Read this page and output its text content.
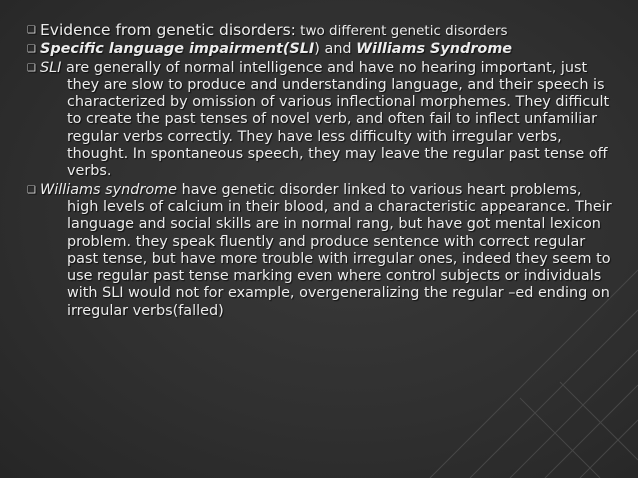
❑ Evidence from genetic disorders: two different genetic disorders
❑ Specific language impairment(SLI) and Williams Syndrome
❑ SLI are generally of normal intelligence and have no hearing important, just they are slow to produce and understanding language, and their speech is characterized by omission of various inflectional morphemes. They difficult to create the past tenses of novel verb, and often fail to inflect unfamiliar regular verbs correctly. They have less difficulty with irregular verbs, thought. In spontaneous speech, they may leave the regular past tense off verbs.
❑ Williams syndrome have genetic disorder linked to various heart problems, high levels of calcium in their blood, and a characteristic appearance. Their language and social skills are in normal rang, but have got mental lexicon problem. they speak fluently and produce sentence with correct regular past tense, but have more trouble with irregular ones, indeed they seem to use regular past tense marking even where control subjects or individuals with SLI would not for example, overgeneralizing the regular –ed ending on irregular verbs(falled)
